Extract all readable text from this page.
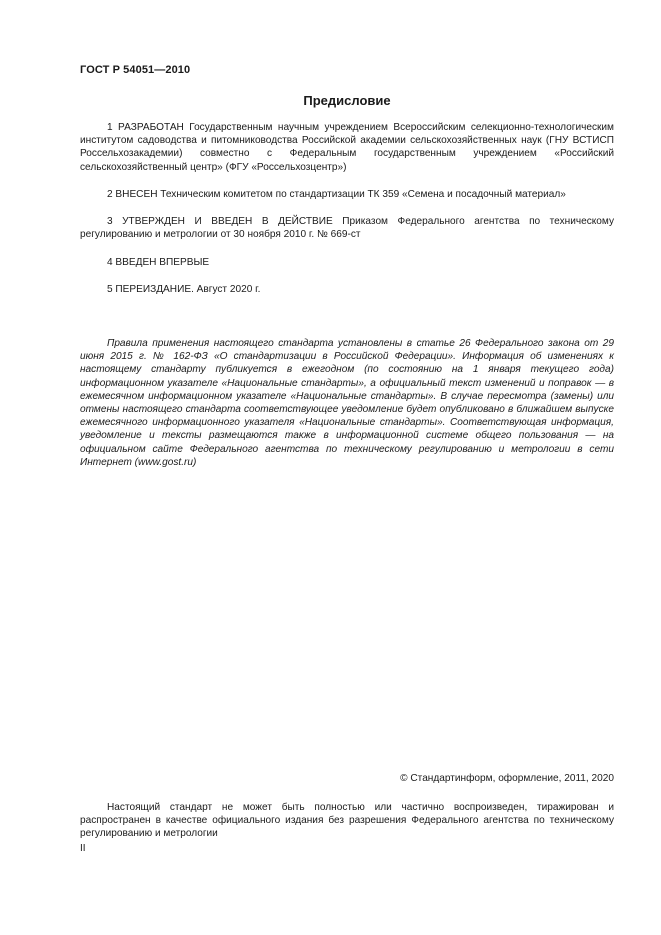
ГОСТ Р 54051—2010
Предисловие
1 РАЗРАБОТАН Государственным научным учреждением Всероссийским селекционно-технологическим институтом садоводства и питомниководства Российской академии сельскохозяйственных наук (ГНУ ВСТИСП Россельхозакадемии) совместно с Федеральным государственным учреждением «Российский сельскохозяйственный центр» (ФГУ «Россельхозцентр»)
2 ВНЕСЕН Техническим комитетом по стандартизации ТК 359 «Семена и посадочный материал»
3 УТВЕРЖДЕН И ВВЕДЕН В ДЕЙСТВИЕ Приказом Федерального агентства по техническому регулированию и метрологии от 30 ноября 2010 г. № 669-ст
4 ВВЕДЕН ВПЕРВЫЕ
5 ПЕРЕИЗДАНИЕ. Август 2020 г.
Правила применения настоящего стандарта установлены в статье 26 Федерального закона от 29 июня 2015 г. № 162-ФЗ «О стандартизации в Российской Федерации». Информация об изменениях к настоящему стандарту публикуется в ежегодном (по состоянию на 1 января текущего года) информационном указателе «Национальные стандарты», а официальный текст изменений и поправок — в ежемесячном информационном указателе «Национальные стандарты». В случае пересмотра (замены) или отмены настоящего стандарта соответствующее уведомление будет опубликовано в ближайшем выпуске ежемесячного информационного указателя «Национальные стандарты». Соответствующая информация, уведомление и тексты размещаются также в информационной системе общего пользования — на официальном сайте Федерального агентства по техническому регулированию и метрологии в сети Интернет (www.gost.ru)
© Стандартинформ, оформление, 2011, 2020
Настоящий стандарт не может быть полностью или частично воспроизведен, тиражирован и распространен в качестве официального издания без разрешения Федерального агентства по техническому регулированию и метрологии
II
